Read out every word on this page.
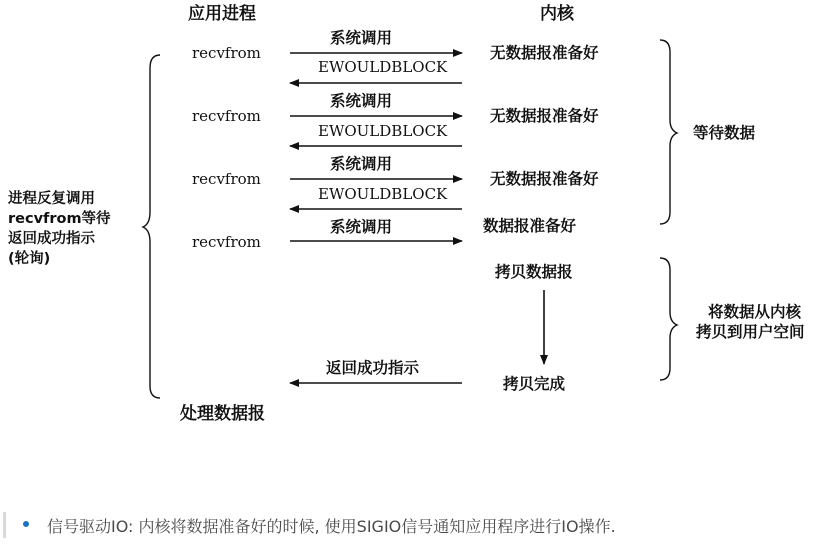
应用进程	内核
recvfrom
系统调用
无数据报准备好
EWOULDBLOCK
recvfrom
系统调用
无数据报准备好
EWOULDBLOCK
recvfrom
系统调用
无数据报准备好
EWOULDBLOCK
recvfrom
系统调用	数据报准备好
拷贝数据报
拷贝完成
返回成功指示
处理数据报
进程反复调用
recvfrom等待
返回成功指示
(轮询)
等待数据
将数据从内核
拷贝到用户空间
信号驱动IO: 内核将数据准备好的时候, 使用SIGIO信号通知应用程序进行IO操作.
